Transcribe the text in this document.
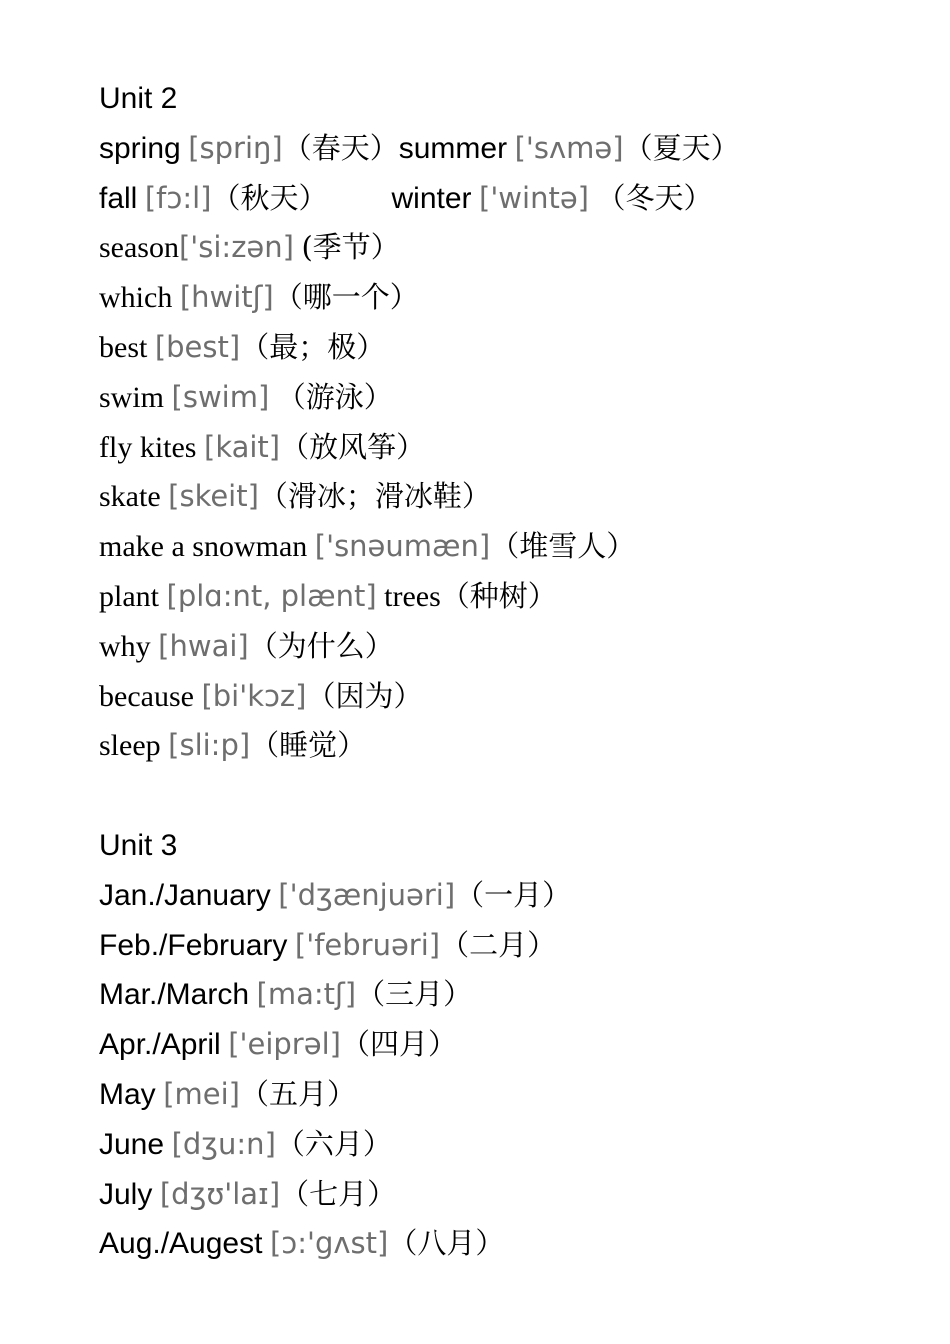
Unit 2
spring [spriŋ]（春天）summer ['sʌmə]（夏天）
fall [fɔ:l]（秋天） winter ['wintə] （冬天）
season['si:zən] (季节）
which [hwitʃ]（哪一个）
best [best]（最；极）
swim [swim] （游泳）
fly kites [kait]（放风筝）
skate [skeit]（滑冰；滑冰鞋）
make a snowman ['snəumæn]（堆雪人）
plant [plɑ:nt, plænt] trees（种树）
why [hwai]（为什么）
because [bi'kɔz]（因为）
sleep [sli:p]（睡觉）
Unit 3
Jan./January ['dʒænjuəri]（一月）
Feb./February ['februəri]（二月）
Mar./March [ma:tʃ]（三月）
Apr./April ['eiprəl]（四月）
May [mei]（五月）
June [dʒu:n]（六月）
July [dʒʊ'laɪ]（七月）
Aug./Augest [ɔ:'gʌst]（八月）
